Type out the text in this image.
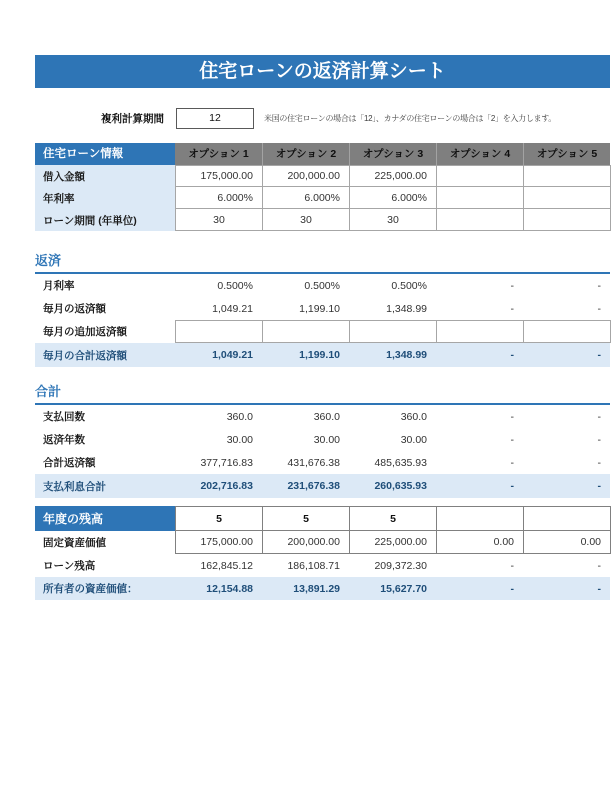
住宅ローンの返済計算シート
複利計算期間	12	米国の住宅ローンの場合は「12」、カナダの住宅ローンの場合は「2」を入力します。
住宅ローン情報	オプション 1	オプション 2	オプション 3	オプション 4	オプション 5
借入金額	175,000.00	200,000.00	225,000.00
年利率	6.000%	6.000%	6.000%
ローン期間 (年単位)	30	30	30
返済
月利率	0.500%	0.500%	0.500%	-	-
毎月の返済額	1,049.21	1,199.10	1,348.99	-	-
毎月の追加返済額
毎月の合計返済額	1,049.21	1,199.10	1,348.99	-	-
合計
支払回数	360.0	360.0	360.0	-	-
返済年数	30.00	30.00	30.00	-	-
合計返済額	377,716.83	431,676.38	485,635.93	-	-
支払利息合計	202,716.83	231,676.38	260,635.93	-	-
年度の残高	5	5	5
固定資産価値	175,000.00	200,000.00	225,000.00	0.00	0.00
ローン残高	162,845.12	186,108.71	209,372.30	-	-
所有者の資産価値：	12,154.88	13,891.29	15,627.70	-	-
